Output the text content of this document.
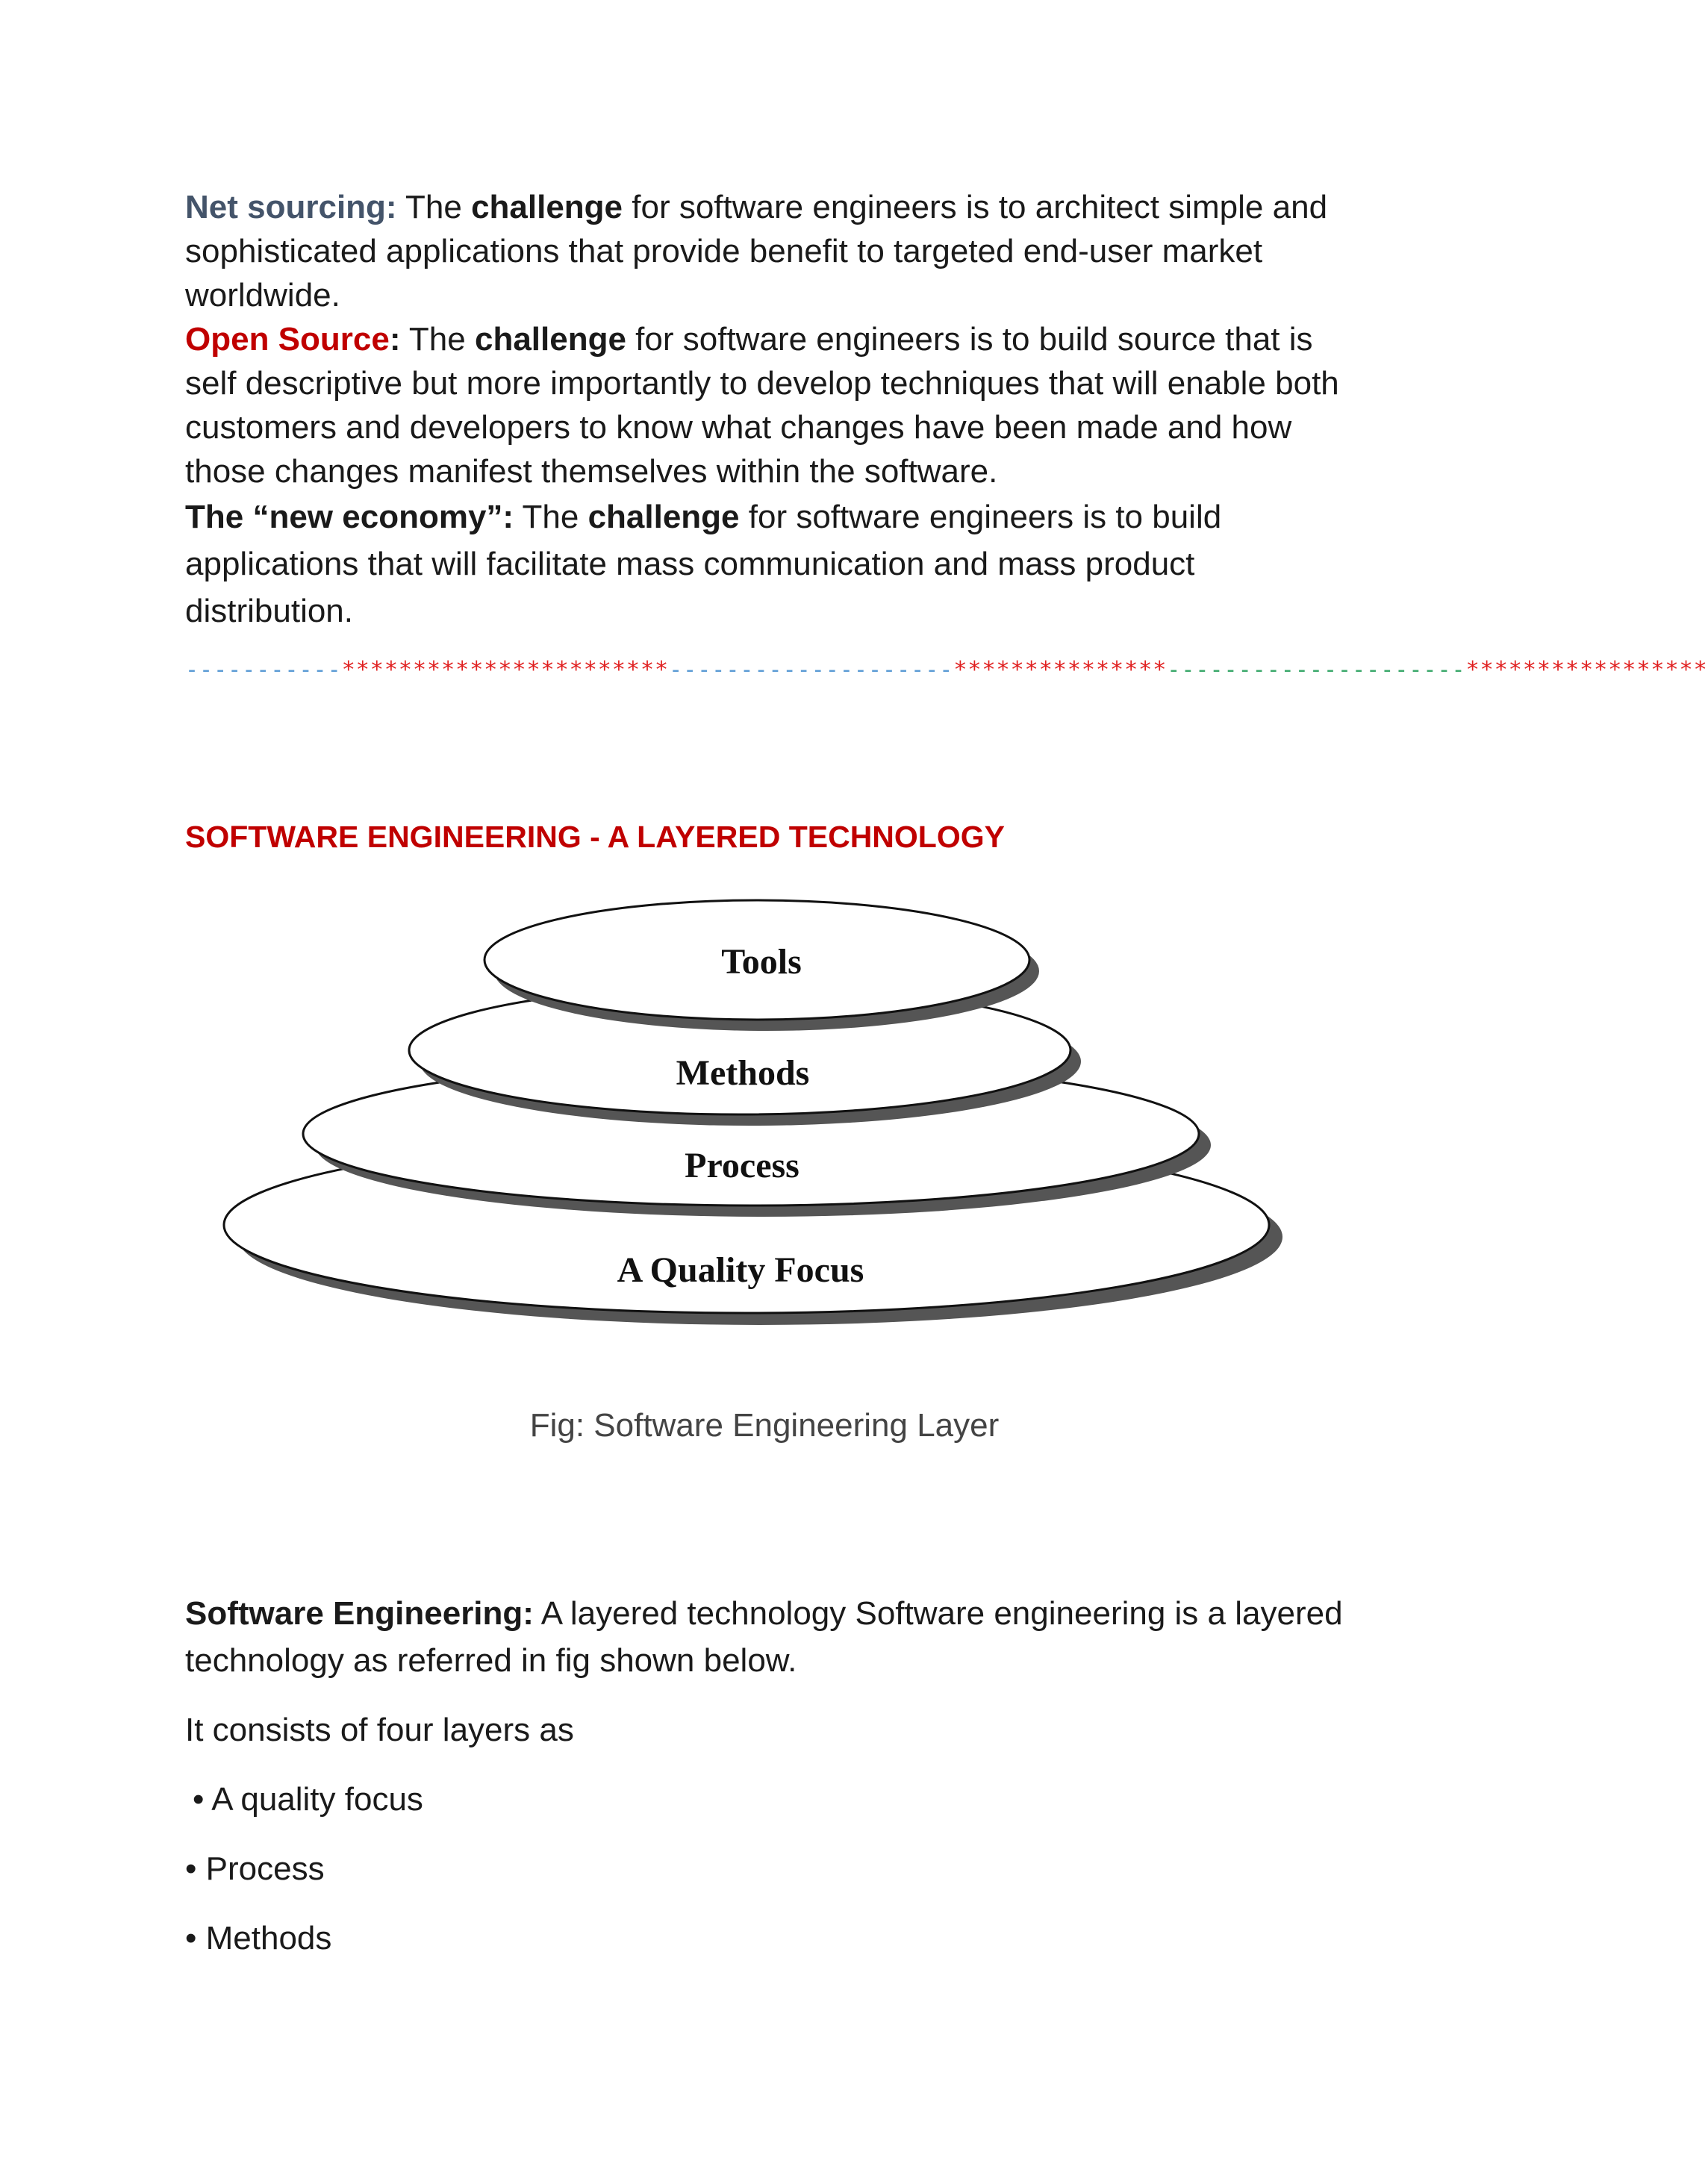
Net sourcing: The challenge for software engineers is to architect simple and sophisticated applications that provide benefit to targeted end-user market worldwide.
Open Source: The challenge for software engineers is to build source that is self descriptive but more importantly to develop techniques that will enable both customers and developers to know what changes have been made and how those changes manifest themselves within the software.
The “new economy”: The challenge for software engineers is to build applications that will facilitate mass communication and mass product distribution.
-----------***********************--------------------***************---------------------*****************
SOFTWARE ENGINEERING - A LAYERED TECHNOLOGY
Tools
Methods
Process
A Quality Focus
Fig: Software Engineering Layer
Software Engineering: A layered technology Software engineering is a layered technology as referred in fig shown below.
It consists of four layers as
• A quality focus
• Process
• Methods
